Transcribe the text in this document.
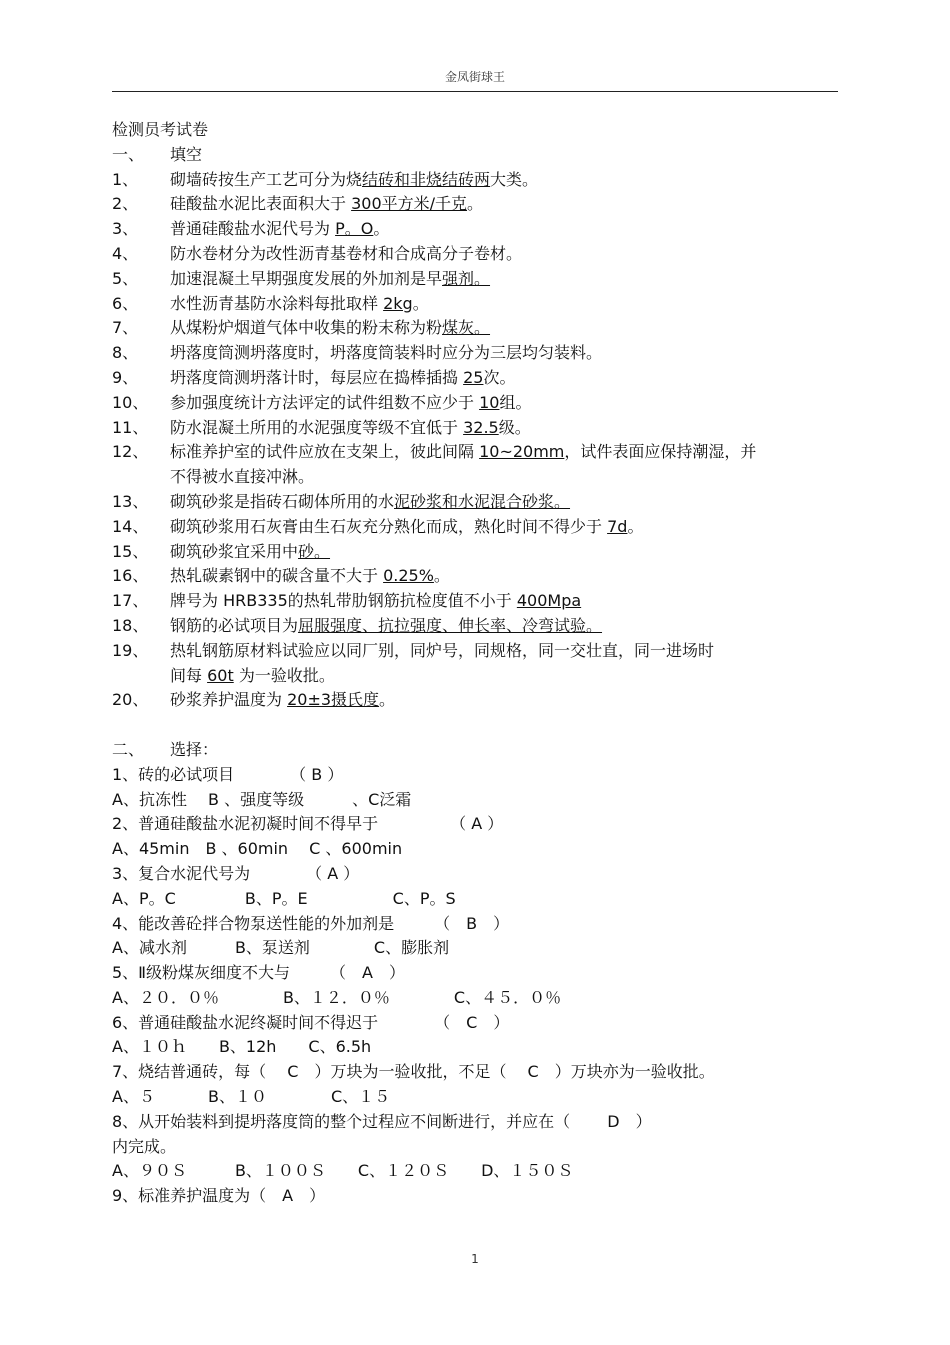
金凤街球王
检测员考试卷
一、 填空
1、 砌墙砖按生产工艺可分为烧结砖和非烧结砖两大类。
2、 硅酸盐水泥比表面积大于 300平方米/千克。
3、 普通硅酸盐水泥代号为 P。O。
4、 防水卷材分为改性沥青基卷材和合成高分子卷材。
5、 加速混凝土早期强度发展的外加剂是早强剂。
6、 水性沥青基防水涂料每批取样 2kg。
7、 从煤粉炉烟道气体中收集的粉末称为粉煤灰。
8、 坍落度筒测坍落度时，坍落度筒装料时应分为三层均匀装料。
9、 坍落度筒测坍落计时，每层应在捣棒插捣 25次。
10、 参加强度统计方法评定的试件组数不应少于 10组。
11、 防水混凝土所用的水泥强度等级不宜低于 32.5级。
12、 标准养护室的试件应放在支架上，彼此间隔 10~20mm，试件表面应保持潮湿，并
不得被水直接冲淋。
13、 砌筑砂浆是指砖石砌体所用的水泥砂浆和水泥混合砂浆。
14、 砌筑砂浆用石灰膏由生石灰充分熟化而成，熟化时间不得少于 7d。
15、 砌筑砂浆宜采用中砂。
16、 热轧碳素钢中的碳含量不大于 0.25%。
17、 牌号为 HRB335的热轧带肋钢筋抗检度值不小于 400Mpa
18、 钢筋的必试项目为屈服强度、抗拉强度、伸长率、冷弯试验。
19、 热轧钢筋原材料试验应以同厂别，同炉号，同规格，同一交壮直，同一进场时
间每 60t 为一验收批。
20、 砂浆养护温度为 20±3摄氏度。
二、 选择：
1、砖的必试项目　　　　（ B ）
A、抗冻性　 B 、强度等级　　　、C泛霜
2、普通硅酸盐水泥初凝时间不得早于　　　　　（ A ）
A、45min　B 、60min　 C 、600min
3、复合水泥代号为　　　　（ A ）
A、P。C　　　　 B、P。E　　　　　 C、P。S
4、能改善砼拌合物泵送性能的外加剂是　　　（　B　）
A、减水剂　　　B、泵送剂　　　　C、膨胀剂
5、Ⅱ级粉煤灰细度不大与　　　（　A　）
A、２０．０％　　　　B、１２．０％　　　　C、４５．０％
6、普通硅酸盐水泥终凝时间不得迟于　　　　（　C　）
A、１０ｈ　　B、12h　　C、6.5h
7、烧结普通砖，每（　 C　）万块为一验收批，不足（　 C　）万块亦为一验收批。
A、５　　　 B、１０　　　　C、１５
8、从开始装料到提坍落度筒的整个过程应不间断进行，并应在（　　 D　）
内完成。
A、９０Ｓ　　　B、１００Ｓ　　C、１２０Ｓ　　D、１５０Ｓ
9、标准养护温度为（　A　）
1
